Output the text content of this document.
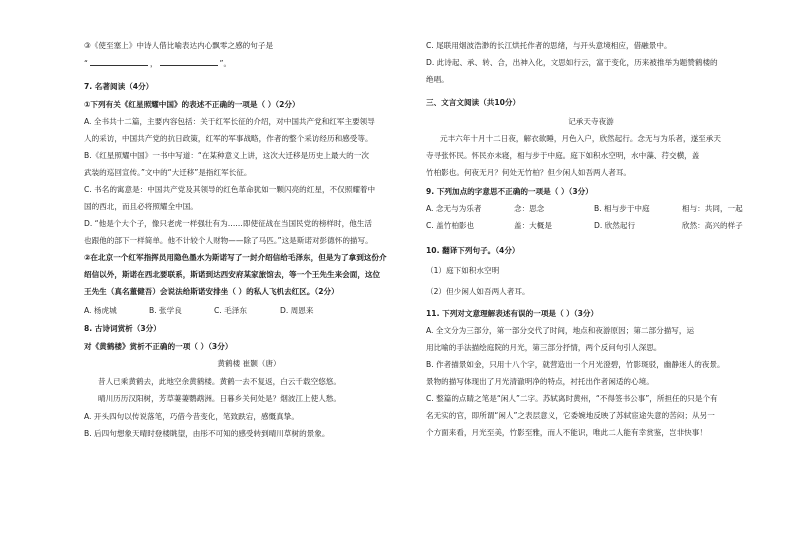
③《使至塞上》中诗人借比喻表达内心飘零之感的句子是
“	，	”。
7. 名著阅读（4分）
①下列有关《红星照耀中国》的表述不正确的一项是（ ）（2分）
A. 全书共十二篇，主要内容包括：关于红军长征的介绍，对中国共产党和红军主要领导
人的采访，中国共产党的抗日政策，红军的军事战略，作者的整个采访经历和感受等。
B.《红星照耀中国》一书中写道：“在某种意义上讲，这次大迁移是历史上最大的一次
武装的巡回宣传。”文中的“大迁移”是指红军长征。
C. 书名的寓意是：中国共产党及其领导的红色革命犹如一颗闪亮的红星，不仅照耀着中
国的西北，而且必将照耀全中国。
D. “他是个大个子，像只老虎一样强壮有为……即使征战在当国民党的榜样时，他生活
也跟他的部下一样简单。他不计较个人财物——除了马匹。”这是斯诺对彭德怀的描写。
②在北京一个红军指挥员用隐色墨水为斯诺写了一封介绍信给毛泽东，但是为了拿到这份介
绍信以外，斯诺在西北要联系，斯诺到达西安府某家旅馆去，等一个王先生来会面，这位
王先生（真名董健吾）会说法给斯诺安排坐（ ）的私人飞机去红区。（2分）
A. 杨虎城	B. 张学良	C. 毛泽东	D. 周恩来
8. 古诗词赏析（3分）
对《黄鹤楼》赏析不正确的一项（ ）（3分）
黄鹤楼 崔颢（唐）
昔人已乘黄鹤去，此地空余黄鹤楼。黄鹤一去不复返，白云千载空悠悠。
晴川历历汉阳树，芳草萋萋鹦鹉洲。日暮乡关何处是？烟波江上使人愁。
A. 开头四句以传说落笔，巧借今昔变化，笔致跌宕，感慨真挚。
B. 后四句想象天晴时登楼眺望，由彤不可知的感受转到晴川草树的景象。
C. 尾联用烟波浩渺的长江烘托作者的思绪，与开头意境相应，借融景中。
D. 此诗起、承、转、合，出神入化，文思如行云，富于变化，历来被推举为题赞鹤楼的
绝唱。
三、文言文阅读（共10分）
记承天寺夜游
元丰六年十月十二日夜，解衣欲睡，月色入户，欣然起行。念无与为乐者，遂至承天
寺寻张怀民。怀民亦未寝，相与步于中庭。庭下如积水空明，水中藻、荇交横，盖
竹柏影也。何夜无月？何处无竹柏？但少闲人如吾两人者耳。
9. 下列加点的字意思不正确的一项是（ ）（3分）
A. 念无与为乐者	念：思念	B. 相与步于中庭	相与：共同，一起
C. 盖竹柏影也	盖：大概是	D. 欣然起行	欣然：高兴的样子
10. 翻译下列句子。（4分）
（1）庭下如积水空明
（2）但少闲人如吾两人者耳。
11. 下列对文意理解表述有误的一项是（ ）（3分）
A. 全文分为三部分，第一部分交代了时间，地点和夜游原因；第二部分描写，运
用比喻的手法描绘庭院的月光，第三部分抒情，两个反问句引人深思。
B. 作者描景如金，只用十八个字，就营造出一个月光澄碧，竹影斑驳，幽静迷人的夜景。
景物的描写体现出了月光清澈明净的特点，衬托出作者闲适的心境。
C. 整篇的点睛之笔是“闲人”二字。苏轼离时黄州，“不得签书公事”，所担任的只是个有
名无实的官，即所谓“闲人”之表层意义，它委婉地反映了苏轼宦途失意的苦闷；从另一
个方面来看，月光至美，竹影至雅，而人不能识，唯此二人能有幸赏鉴，岂非快事！
